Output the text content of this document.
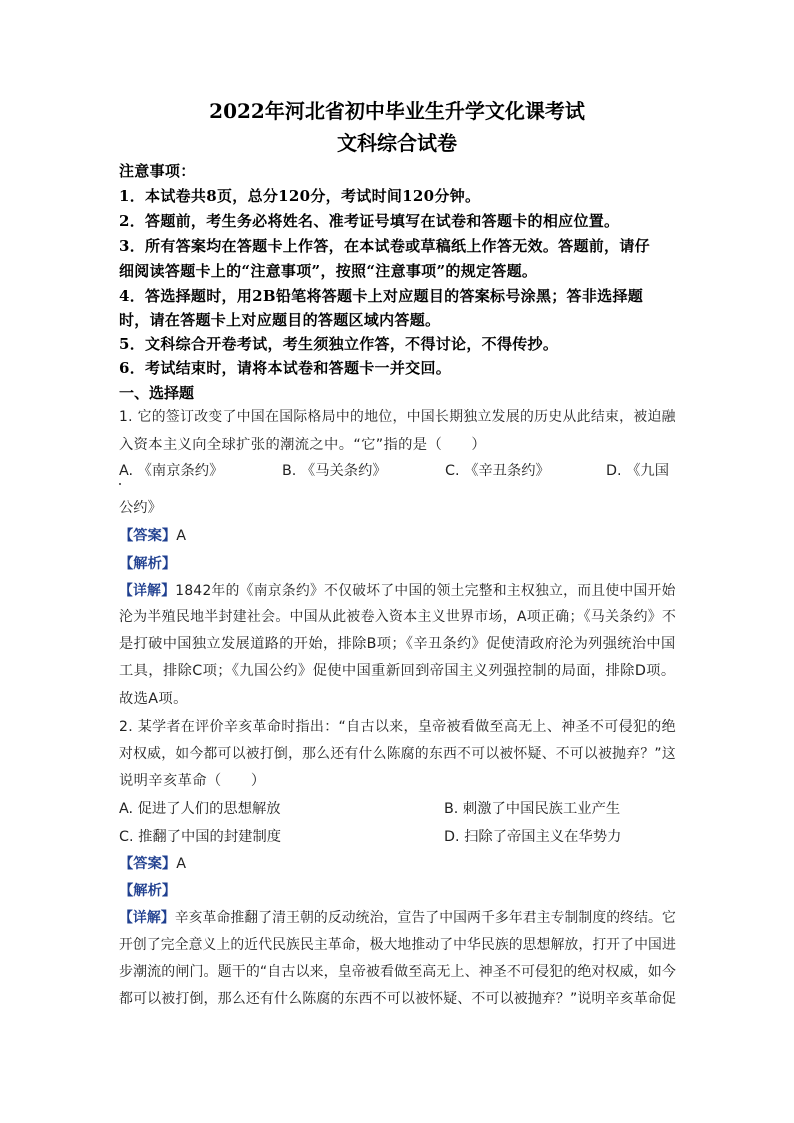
2022年河北省初中毕业生升学文化课考试
文科综合试卷
注意事项：
1．本试卷共8页，总分120分，考试时间120分钟。
2．答题前，考生务必将姓名、准考证号填写在试卷和答题卡的相应位置。
3．所有答案均在答题卡上作答，在本试卷或草稿纸上作答无效。答题前，请仔
细阅读答题卡上的“注意事项”，按照“注意事项”的规定答题。
4．答选择题时，用2B铅笔将答题卡上对应题目的答案标号涂黑；答非选择题
时，请在答题卡上对应题目的答题区域内答题。
5．文科综合开卷考试，考生须独立作答，不得讨论，不得传抄。
6．考试结束时，请将本试卷和答题卡一并交回。
一、选择题
1. 它的签订改变了中国在国际格局中的地位，中国长期独立发展的历史从此结束，被迫融
入资本主义向全球扩张的潮流之中。“它”指的是（　　）
A. 《南京条约》	B. 《马关条约》	C. 《辛丑条约》	D. 《九国
公约》
【答案】A
【解析】
【详解】1842年的《南京条约》不仅破坏了中国的领土完整和主权独立，而且使中国开始
沦为半殖民地半封建社会。中国从此被卷入资本主义世界市场，A项正确；《马关条约》不
是打破中国独立发展道路的开始，排除B项；《辛丑条约》促使清政府沦为列强统治中国
工具，排除C项；《九国公约》促使中国重新回到帝国主义列强控制的局面，排除D项。
故选A项。
2. 某学者在评价辛亥革命时指出：“自古以来，皇帝被看做至高无上、神圣不可侵犯的绝
对权威，如今都可以被打倒，那么还有什么陈腐的东西不可以被怀疑、不可以被抛弃？”这
说明辛亥革命（　　）
A. 促进了人们的思想解放	B. 刺激了中国民族工业产生
C. 推翻了中国的封建制度	D. 扫除了帝国主义在华势力
【答案】A
【解析】
【详解】辛亥革命推翻了清王朝的反动统治，宣告了中国两千多年君主专制制度的终结。它
开创了完全意义上的近代民族民主革命，极大地推动了中华民族的思想解放，打开了中国进
步潮流的闸门。题干的“自古以来，皇帝被看做至高无上、神圣不可侵犯的绝对权威，如今
都可以被打倒，那么还有什么陈腐的东西不可以被怀疑、不可以被抛弃？”说明辛亥革命促
